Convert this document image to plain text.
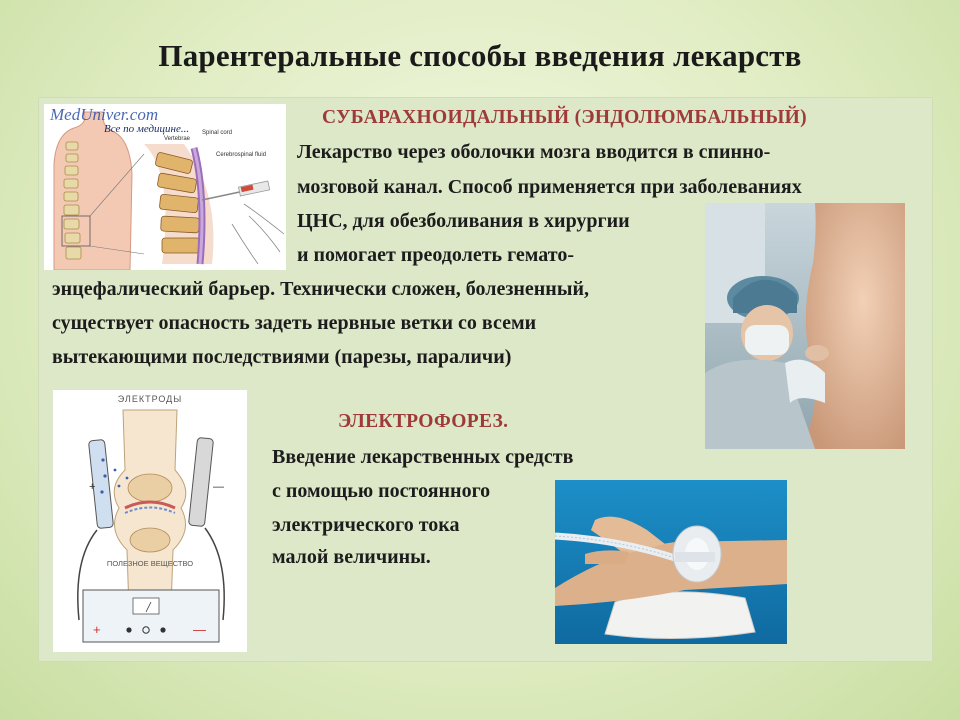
Парентеральные способы введения лекарств
Vertebrae
Spinal cord
Cerebrospinal fluid
MedUniver.com
Все по медицине...
СУБАРАХНОИДАЛЬНЫЙ (ЭНДОЛЮМБАЛЬНЫЙ)
Лекарство через оболочки мозга вводится в спинно-
мозговой канал. Способ применяется при заболеваниях
ЦНС, для обезболивания в хирургии
и помогает преодолеть гемато-
энцефалический барьер. Технически сложен, болезненный,
существует опасность задеть нервные ветки со всеми
вытекающими последствиями (парезы, параличи)
ЭЛЕКТРОДЫ
+	—
ПОЛЕЗНОЕ ВЕЩЕСТВО
+	—
ЭЛЕКТРОФОРЕЗ.
Введение лекарственных средств
с помощью постоянного
электрического тока
малой величины.
